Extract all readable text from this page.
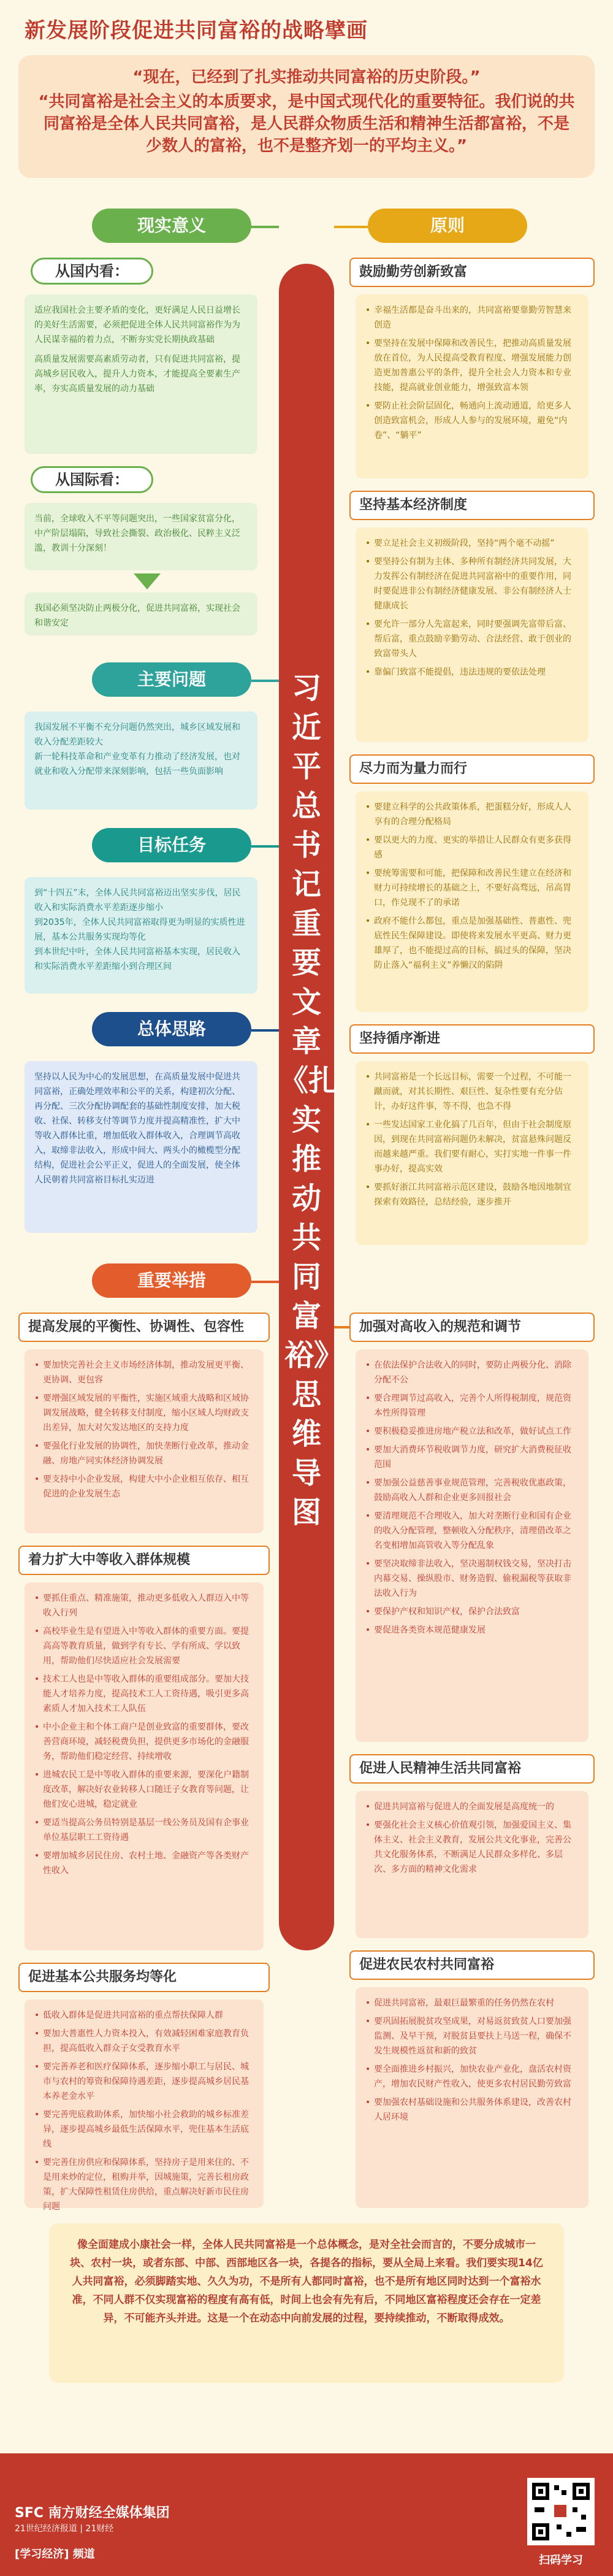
新发展阶段促进共同富裕的战略擘画

“现在，已经到了扎实推动共同富裕的历史阶段。”

“共同富裕是社会主义的本质要求，是中国式现代化的重要特征。我们说的共同富裕是全体人民共同富裕，是人民群众物质生活和精神生活都富裕，不是少数人的富裕，也不是整齐划一的平均主义。”

习近平总书记重要文章《扎实推动共同富裕》思维导图
现实意义
从国内看：
适应我国社会主要矛盾的变化，更好满足人民日益增长的美好生活需要，必须把促进全体人民共同富裕作为为人民谋幸福的着力点，不断夯实党长期执政基础
高质量发展需要高素质劳动者，只有促进共同富裕，提高城乡居民收入，提升人力资本，才能提高全要素生产率，夯实高质量发展的动力基础
从国际看：
当前，全球收入不平等问题突出，一些国家贫富分化，中产阶层塌陷，导致社会撕裂、政治极化、民粹主义泛滥，教训十分深刻！
我国必须坚决防止两极分化，促进共同富裕，实现社会和谐安定
主要问题
我国发展不平衡不充分问题仍然突出，城乡区域发展和收入分配差距较大
新一轮科技革命和产业变革有力推动了经济发展，也对就业和收入分配带来深刻影响，包括一些负面影响
目标任务
到“十四五”末，全体人民共同富裕迈出坚实步伐，居民收入和实际消费水平差距逐步缩小
到2035年，全体人民共同富裕取得更为明显的实质性进展，基本公共服务实现均等化
到本世纪中叶，全体人民共同富裕基本实现，居民收入和实际消费水平差距缩小到合理区间
总体思路
坚持以人民为中心的发展思想，在高质量发展中促进共同富裕，正确处理效率和公平的关系，构建初次分配、再分配、三次分配协调配套的基础性制度安排，加大税收、社保、转移支付等调节力度并提高精准性，扩大中等收入群体比重，增加低收入群体收入，合理调节高收入，取缔非法收入，形成中间大、两头小的橄榄型分配结构，促进社会公平正义，促进人的全面发展，使全体人民朝着共同富裕目标扎实迈进
重要举措
提高发展的平衡性、协调性、包容性
• 要加快完善社会主义市场经济体制，推动发展更平衡、更协调、更包容
• 要增强区域发展的平衡性，实施区域重大战略和区域协调发展战略，健全转移支付制度，缩小区域人均财政支出差异，加大对欠发达地区的支持力度
• 要强化行业发展的协调性，加快垄断行业改革，推动金融、房地产同实体经济协调发展
• 要支持中小企业发展，构建大中小企业相互依存、相互促进的企业发展生态
着力扩大中等收入群体规模
• 要抓住重点、精准施策，推动更多低收入人群迈入中等收入行列
• 高校毕业生是有望进入中等收入群体的重要方面。要提高高等教育质量，做到学有专长、学有所成、学以致用，帮助他们尽快适应社会发展需要
• 技术工人也是中等收入群体的重要组成部分。要加大技能人才培养力度，提高技术工人工资待遇，吸引更多高素质人才加入技术工人队伍
• 中小企业主和个体工商户是创业致富的重要群体，要改善营商环境，减轻税费负担，提供更多市场化的金融服务，帮助他们稳定经营、持续增收
• 进城农民工是中等收入群体的重要来源，要深化户籍制度改革，解决好农业转移人口随迁子女教育等问题，让他们安心进城，稳定就业
• 要适当提高公务员特别是基层一线公务员及国有企事业单位基层职工工资待遇
• 要增加城乡居民住房、农村土地、金融资产等各类财产性收入
促进基本公共服务均等化
• 低收入群体是促进共同富裕的重点帮扶保障人群
• 要加大普惠性人力资本投入，有效减轻困难家庭教育负担，提高低收入群众子女受教育水平
• 要完善养老和医疗保障体系，逐步缩小职工与居民、城市与农村的筹资和保障待遇差距，逐步提高城乡居民基本养老金水平
• 要完善兜底救助体系，加快缩小社会救助的城乡标准差异，逐步提高城乡最低生活保障水平，兜住基本生活底线
• 要完善住房供应和保障体系，坚持房子是用来住的、不是用来炒的定位，租购并举，因城施策，完善长租房政策，扩大保障性租赁住房供给，重点解决好新市民住房问题
原则
鼓励勤劳创新致富
• 幸福生活都是奋斗出来的，共同富裕要靠勤劳智慧来创造
• 要坚持在发展中保障和改善民生，把推动高质量发展放在首位，为人民提高受教育程度、增强发展能力创造更加普惠公平的条件，提升全社会人力资本和专业技能，提高就业创业能力，增强致富本领
• 要防止社会阶层固化，畅通向上流动通道，给更多人创造致富机会，形成人人参与的发展环境，避免“内卷”、“躺平”
坚持基本经济制度
• 要立足社会主义初级阶段，坚持“两个毫不动摇”
• 要坚持公有制为主体、多种所有制经济共同发展，大力发挥公有制经济在促进共同富裕中的重要作用，同时要促进非公有制经济健康发展、非公有制经济人士健康成长
• 要允许一部分人先富起来，同时要强调先富带后富、帮后富，重点鼓励辛勤劳动、合法经营、敢于创业的致富带头人
• 靠偏门致富不能提倡，违法违规的要依法处理
尽力而为量力而行
• 要建立科学的公共政策体系，把蛋糕分好，形成人人享有的合理分配格局
• 要以更大的力度、更实的举措让人民群众有更多获得感
• 要统筹需要和可能，把保障和改善民生建立在经济和财力可持续增长的基础之上，不要好高骛远，吊高胃口，作兑现不了的承诺
• 政府不能什么都包，重点是加强基础性、普惠性、兜底性民生保障建设。即使将来发展水平更高、财力更雄厚了，也不能提过高的目标，搞过头的保障，坚决防止落入“福利主义”养懒汉的陷阱
坚持循序渐进
• 共同富裕是一个长远目标，需要一个过程，不可能一蹴而就，对其长期性、艰巨性、复杂性要有充分估计，办好这件事，等不得，也急不得
• 一些发达国家工业化搞了几百年，但由于社会制度原因，到现在共同富裕问题仍未解决，贫富悬殊问题反而越来越严重。我们要有耐心，实打实地一件事一件事办好，提高实效
• 要抓好浙江共同富裕示范区建设，鼓励各地因地制宜探索有效路径，总结经验，逐步推开
加强对高收入的规范和调节
• 在依法保护合法收入的同时，要防止两极分化、消除分配不公
• 要合理调节过高收入，完善个人所得税制度，规范资本性所得管理
• 要积极稳妥推进房地产税立法和改革，做好试点工作
• 要加大消费环节税收调节力度，研究扩大消费税征收范围
• 要加强公益慈善事业规范管理，完善税收优惠政策，鼓励高收入人群和企业更多回报社会
• 要清理规范不合理收入，加大对垄断行业和国有企业的收入分配管理，整顿收入分配秩序，清理借改革之名变相增加高管收入等分配乱象
• 要坚决取缔非法收入，坚决遏制权钱交易，坚决打击内幕交易、操纵股市、财务造假、偷税漏税等获取非法收入行为
• 要保护产权和知识产权，保护合法致富
• 要促进各类资本规范健康发展
促进人民精神生活共同富裕
• 促进共同富裕与促进人的全面发展是高度统一的
• 要强化社会主义核心价值观引领，加强爱国主义、集体主义、社会主义教育，发展公共文化事业，完善公共文化服务体系，不断满足人民群众多样化、多层次、多方面的精神文化需求
促进农民农村共同富裕
• 促进共同富裕，最艰巨最繁重的任务仍然在农村
• 要巩固拓展脱贫攻坚成果，对易返贫致贫人口要加强监测、及早干预，对脱贫县要扶上马送一程，确保不发生规模性返贫和新的致贫
• 要全面推进乡村振兴，加快农业产业化，盘活农村资产，增加农民财产性收入，使更多农村居民勤劳致富
• 要加强农村基础设施和公共服务体系建设，改善农村人居环境
像全面建成小康社会一样，全体人民共同富裕是一个总体概念，是对全社会而言的，不要分成城市一块、农村一块，或者东部、中部、西部地区各一块，各提各的指标，要从全局上来看。我们要实现14亿人共同富裕，必须脚踏实地、久久为功，不是所有人都同时富裕，也不是所有地区同时达到一个富裕水准，不同人群不仅实现富裕的程度有高有低，时间上也会有先有后，不同地区富裕程度还会存在一定差异，不可能齐头并进。这是一个在动态中向前发展的过程，要持续推动，不断取得成效。
SFC 南方财经全媒体集团
21世纪经济报道 | 21财经
[学习经济] 频道	扫码学习
